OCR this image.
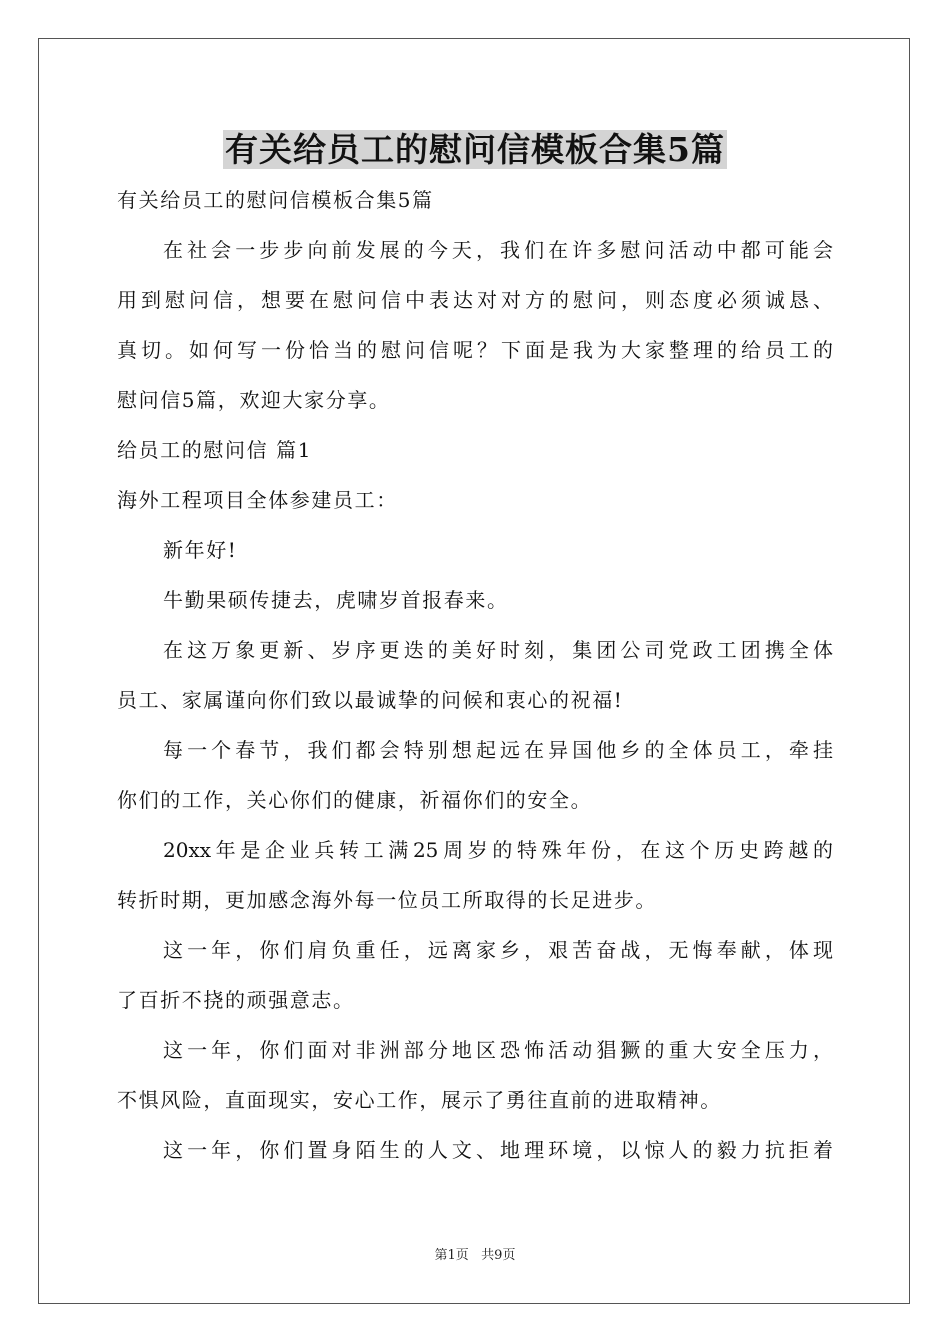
有关给员工的慰问信模板合集5篇
有关给员工的慰问信模板合集5篇
在社会一步步向前发展的今天，我们在许多慰问活动中都可能会
用到慰问信，想要在慰问信中表达对对方的慰问，则态度必须诚恳、
真切。如何写一份恰当的慰问信呢？下面是我为大家整理的给员工的
慰问信5篇，欢迎大家分享。
给员工的慰问信 篇1
海外工程项目全体参建员工：
新年好!
牛勤果硕传捷去，虎啸岁首报春来。
在这万象更新、岁序更迭的美好时刻，集团公司党政工团携全体
员工、家属谨向你们致以最诚挚的问候和衷心的祝福!
每一个春节，我们都会特别想起远在异国他乡的全体员工，牵挂
你们的工作，关心你们的健康，祈福你们的安全。
20xx年是企业兵转工满25周岁的特殊年份，在这个历史跨越的
转折时期，更加感念海外每一位员工所取得的长足进步。
这一年，你们肩负重任，远离家乡，艰苦奋战，无悔奉献，体现
了百折不挠的顽强意志。
这一年，你们面对非洲部分地区恐怖活动猖獗的重大安全压力，
不惧风险，直面现实，安心工作，展示了勇往直前的进取精神。
这一年，你们置身陌生的人文、地理环境，以惊人的毅力抗拒着
第1页   共9页
